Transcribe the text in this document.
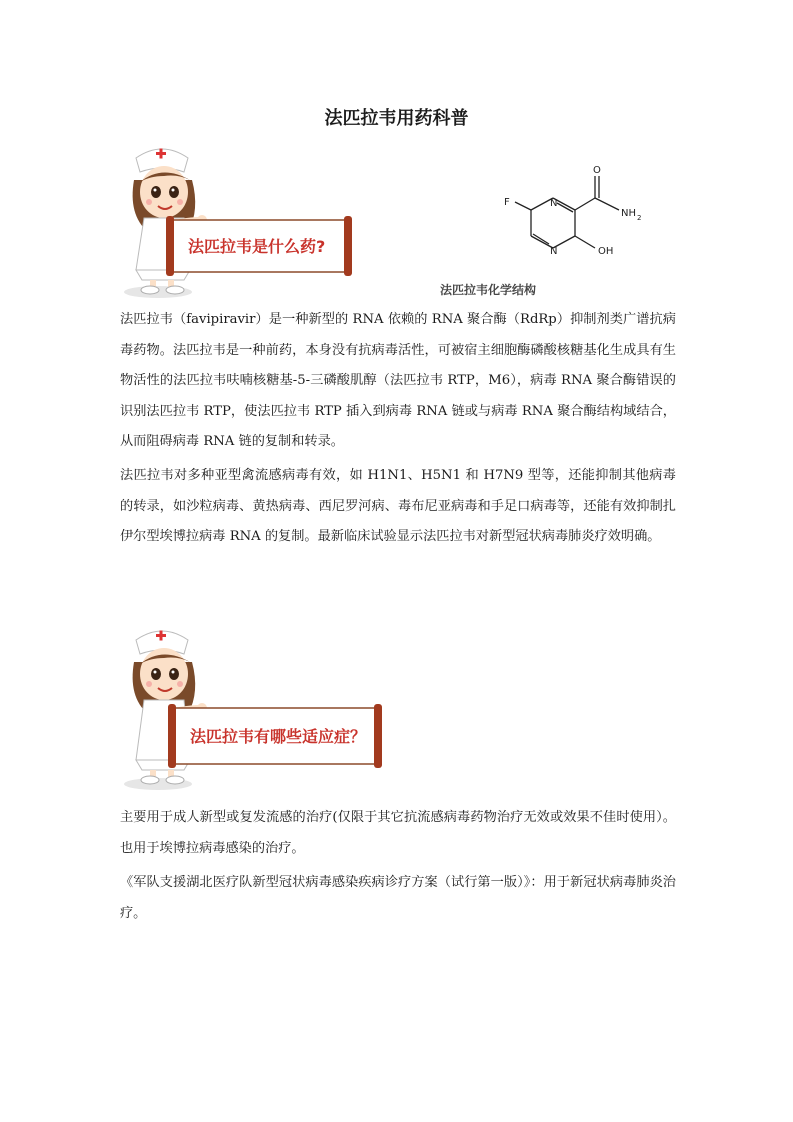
法匹拉韦用药科普
法匹拉韦是什么药?
F	N
N
O
NH 2
OH
法匹拉韦化学结构

法匹拉韦（favipiravir）是一种新型的 RNA 依赖的 RNA 聚合酶（RdRp）抑制剂类广谱抗病毒药物。法匹拉韦是一种前药，本身没有抗病毒活性，可被宿主细胞酶磷酸核糖基化生成具有生物活性的法匹拉韦呋喃核糖基-5-三磷酸肌醇（法匹拉韦 RTP，M6），病毒 RNA 聚合酶错误的识别法匹拉韦 RTP，使法匹拉韦 RTP 插入到病毒 RNA 链或与病毒 RNA 聚合酶结构域结合，从而阻碍病毒 RNA 链的复制和转录。

法匹拉韦对多种亚型禽流感病毒有效，如 H1N1、H5N1 和 H7N9 型等，还能抑制其他病毒的转录，如沙粒病毒、黄热病毒、西尼罗河病、毒布尼亚病毒和手足口病毒等，还能有效抑制扎伊尔型埃博拉病毒 RNA 的复制。最新临床试验显示法匹拉韦对新型冠状病毒肺炎疗效明确。

法匹拉韦有哪些适应症？

主要用于成人新型或复发流感的治疗(仅限于其它抗流感病毒药物治疗无效或效果不佳时使用）。也用于埃博拉病毒感染的治疗。

《军队支援湖北医疗队新型冠状病毒感染疾病诊疗方案（试行第一版）》：用于新冠状病毒肺炎治疗。
